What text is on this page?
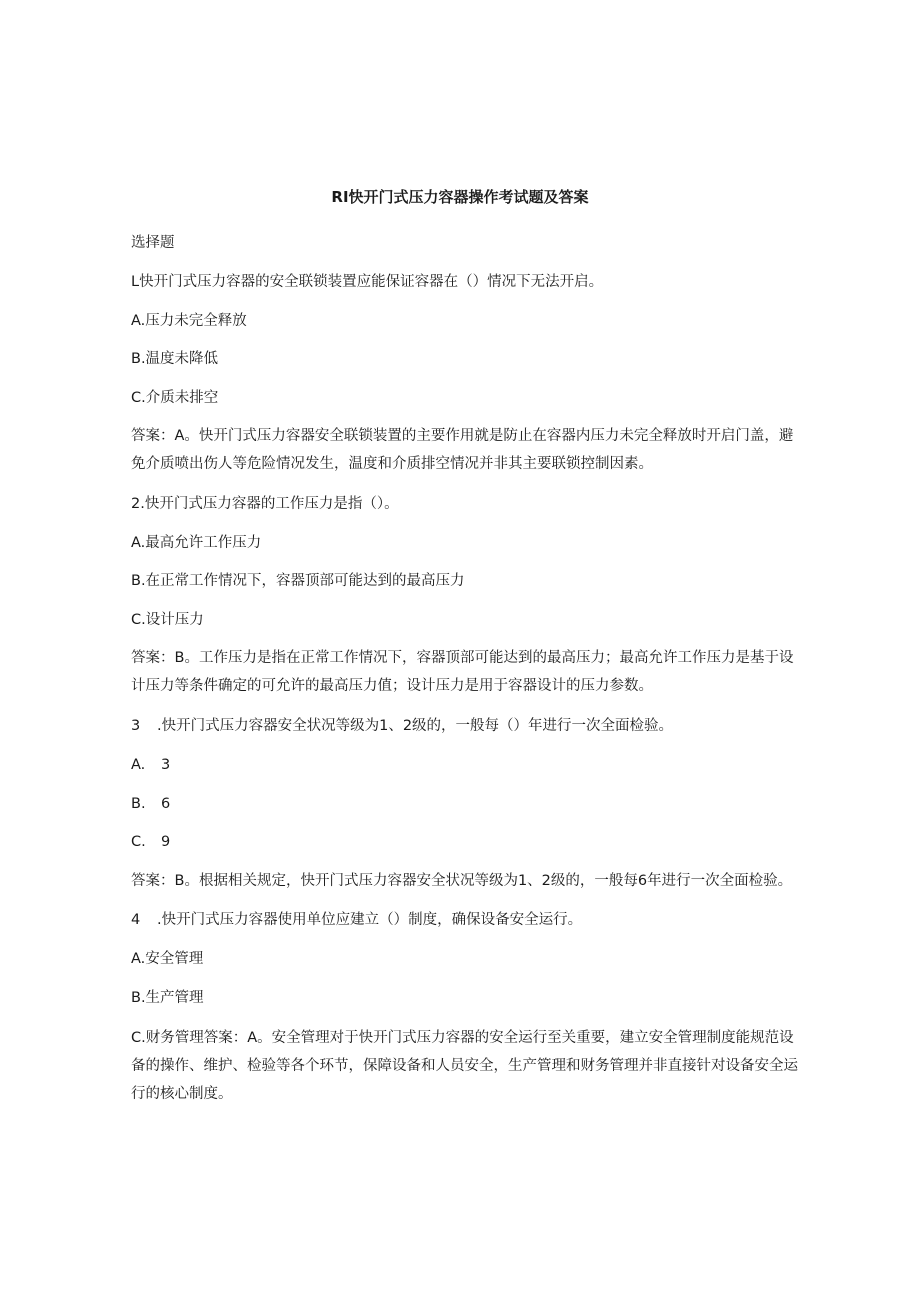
RI快开门式压力容器操作考试题及答案
选择题
L快开门式压力容器的安全联锁装置应能保证容器在（）情况下无法开启。
A.压力未完全释放
B.温度未降低
C.介质未排空
答案：A。快开门式压力容器安全联锁装置的主要作用就是防止在容器内压力未完全释放时开启门盖，避免介质喷出伤人等危险情况发生，温度和介质排空情况并非其主要联锁控制因素。
2.快开门式压力容器的工作压力是指（）。
A.最高允许工作压力
B.在正常工作情况下，容器顶部可能达到的最高压力
C.设计压力
答案：B。工作压力是指在正常工作情况下，容器顶部可能达到的最高压力；最高允许工作压力是基于设计压力等条件确定的可允许的最高压力值；设计压力是用于容器设计的压力参数。
3 .快开门式压力容器安全状况等级为1、2级的，一般每（）年进行一次全面检验。
A. 3
B. 6
C. 9
答案：B。根据相关规定，快开门式压力容器安全状况等级为1、2级的，一般每6年进行一次全面检验。
4 .快开门式压力容器使用单位应建立（）制度，确保设备安全运行。
A.安全管理
B.生产管理
C.财务管理答案：A。安全管理对于快开门式压力容器的安全运行至关重要，建立安全管理制度能规范设备的操作、维护、检验等各个环节，保障设备和人员安全，生产管理和财务管理并非直接针对设备安全运行的核心制度。
